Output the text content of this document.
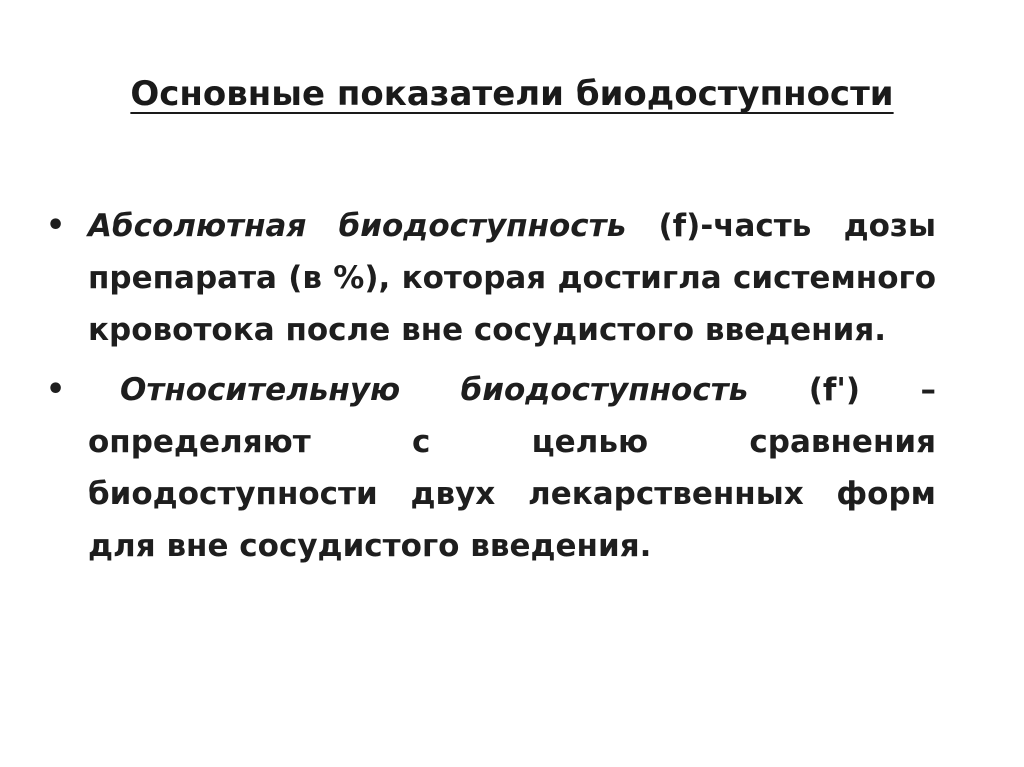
Основные показатели биодоступности
• Абсолютная биодоступность (f)-часть дозы препарата (в %), которая достигла системного кровотока после вне сосудистого введения.
• Относительную биодоступность (f') – определяют с целью сравнения биодоступности двух лекарственных форм для вне сосудистого введения.
